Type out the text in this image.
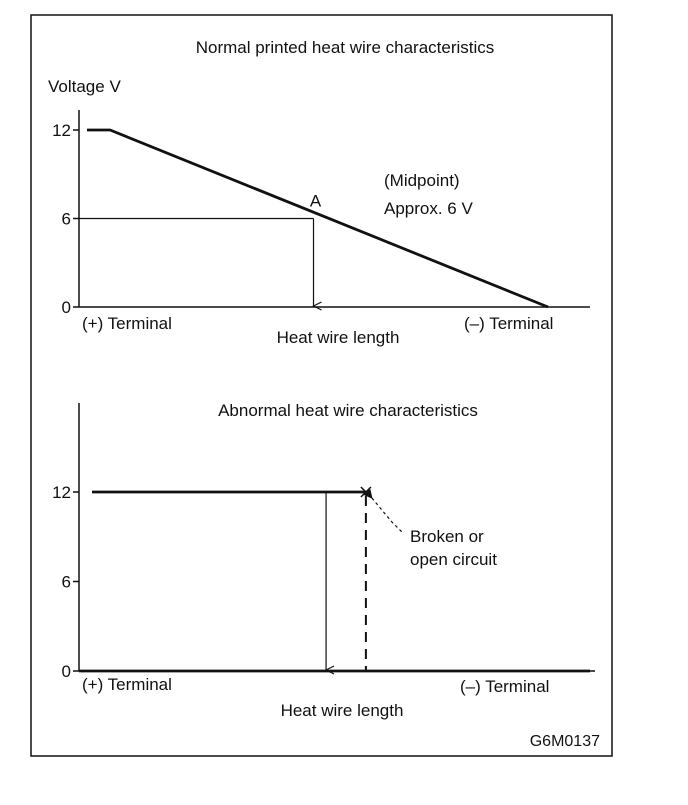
Normal printed heat wire characteristics
Voltage V
12
6
0
A
(Midpoint)
Approx. 6 V
(+) Terminal	(–) Terminal
Heat wire length
Abnormal heat wire characteristics
12
6
0
Broken or
open circuit
(+) Terminal	(–) Terminal
Heat wire length
G6M0137
